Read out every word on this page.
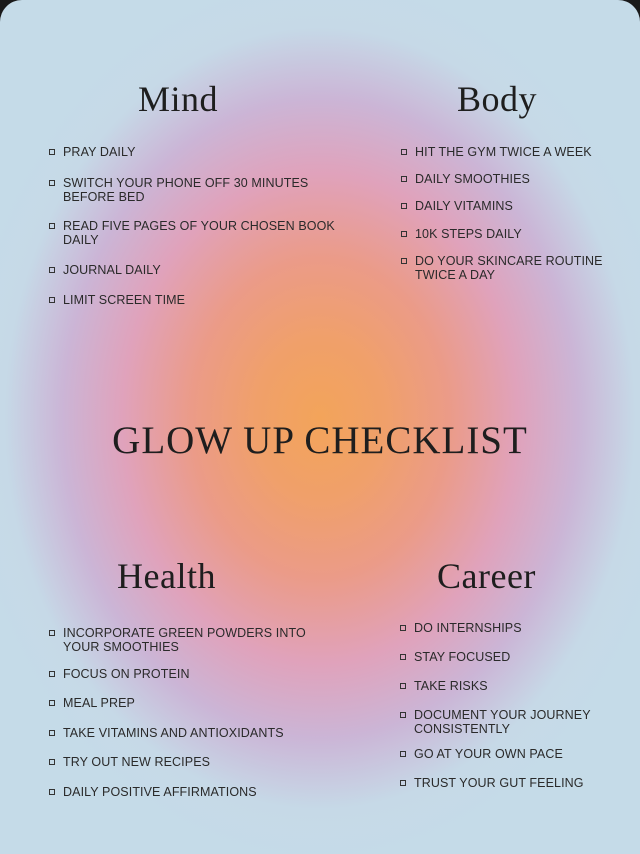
Mind
PRAY DAILY
SWITCH YOUR PHONE OFF 30 MINUTES BEFORE BED
READ FIVE PAGES OF YOUR CHOSEN BOOK DAILY
JOURNAL DAILY
LIMIT SCREEN TIME
Body
HIT THE GYM TWICE A WEEK
DAILY SMOOTHIES
DAILY VITAMINS
10K STEPS DAILY
DO YOUR SKINCARE ROUTINE TWICE A DAY
GLOW UP CHECKLIST
Health
INCORPORATE GREEN POWDERS INTO YOUR SMOOTHIES
FOCUS ON PROTEIN
MEAL PREP
TAKE VITAMINS AND ANTIOXIDANTS
TRY OUT NEW RECIPES
DAILY POSITIVE AFFIRMATIONS
Career
DO INTERNSHIPS
STAY FOCUSED
TAKE RISKS
DOCUMENT YOUR JOURNEY CONSISTENTLY
GO AT YOUR OWN PACE
TRUST YOUR GUT FEELING
